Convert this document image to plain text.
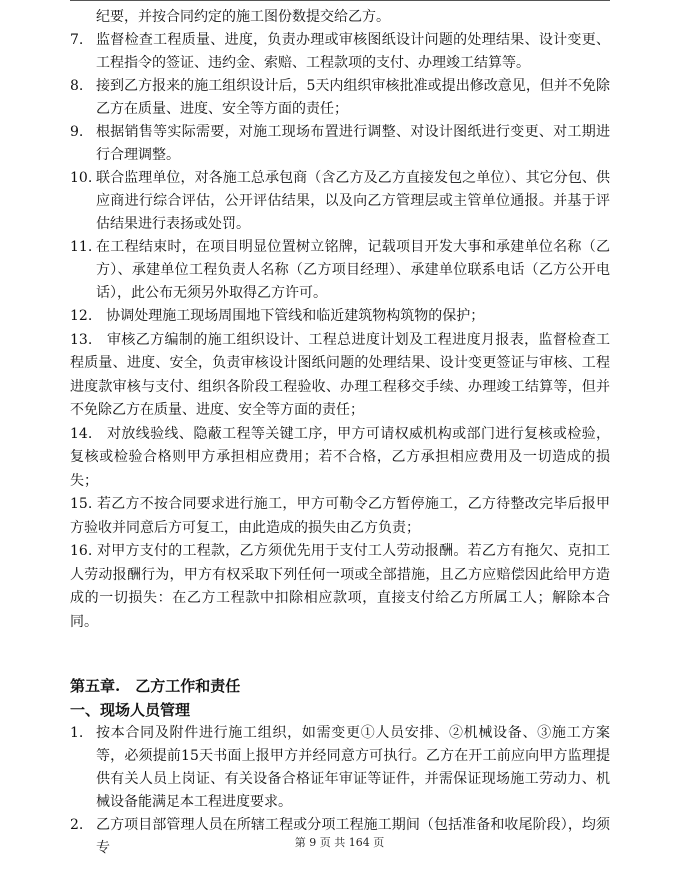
纪要，并按合同约定的施工图份数提交给乙方。
7. 监督检查工程质量、进度，负责办理或审核图纸设计问题的处理结果、设计变更、工程指令的签证、违约金、索赔、工程款项的支付、办理竣工结算等。
8. 接到乙方报来的施工组织设计后，5天内组织审核批准或提出修改意见，但并不免除乙方在质量、进度、安全等方面的责任；
9. 根据销售等实际需要，对施工现场布置进行调整、对设计图纸进行变更、对工期进行合理调整。
10. 联合监理单位，对各施工总承包商（含乙方及乙方直接发包之单位）、其它分包、供应商进行综合评估，公开评估结果，以及向乙方管理层或主管单位通报。并基于评估结果进行表扬或处罚。
11. 在工程结束时，在项目明显位置树立铭牌，记载项目开发大事和承建单位名称（乙方）、承建单位工程负责人名称（乙方项目经理）、承建单位联系电话（乙方公开电话），此公布无须另外取得乙方许可。
12.　协调处理施工现场周围地下管线和临近建筑物构筑物的保护；
13.　审核乙方编制的施工组织设计、工程总进度计划及工程进度月报表，监督检查工程质量、进度、安全，负责审核设计图纸问题的处理结果、设计变更签证与审核、工程进度款审核与支付、组织各阶段工程验收、办理工程移交手续、办理竣工结算等，但并不免除乙方在质量、进度、安全等方面的责任；
14.　对放线验线、隐蔽工程等关键工序，甲方可请权威机构或部门进行复核或检验，复核或检验合格则甲方承担相应费用；若不合格，乙方承担相应费用及一切造成的损失；
15. 若乙方不按合同要求进行施工，甲方可勒令乙方暂停施工，乙方待整改完毕后报甲方验收并同意后方可复工，由此造成的损失由乙方负责；
16. 对甲方支付的工程款，乙方须优先用于支付工人劳动报酬。若乙方有拖欠、克扣工人劳动报酬行为，甲方有权采取下列任何一项或全部措施，且乙方应赔偿因此给甲方造成的一切损失：在乙方工程款中扣除相应款项，直接支付给乙方所属工人；解除本合同。
第五章.　乙方工作和责任
一、现场人员管理
1. 按本合同及附件进行施工组织，如需变更①人员安排、②机械设备、③施工方案等，必须提前15天书面上报甲方并经同意方可执行。乙方在开工前应向甲方监理提供有关人员上岗证、有关设备合格证年审证等证件，并需保证现场施工劳动力、机械设备能满足本工程进度要求。
2. 乙方项目部管理人员在所辖工程或分项工程施工期间（包括准备和收尾阶段），均须专	第 9 页 共 164 页
